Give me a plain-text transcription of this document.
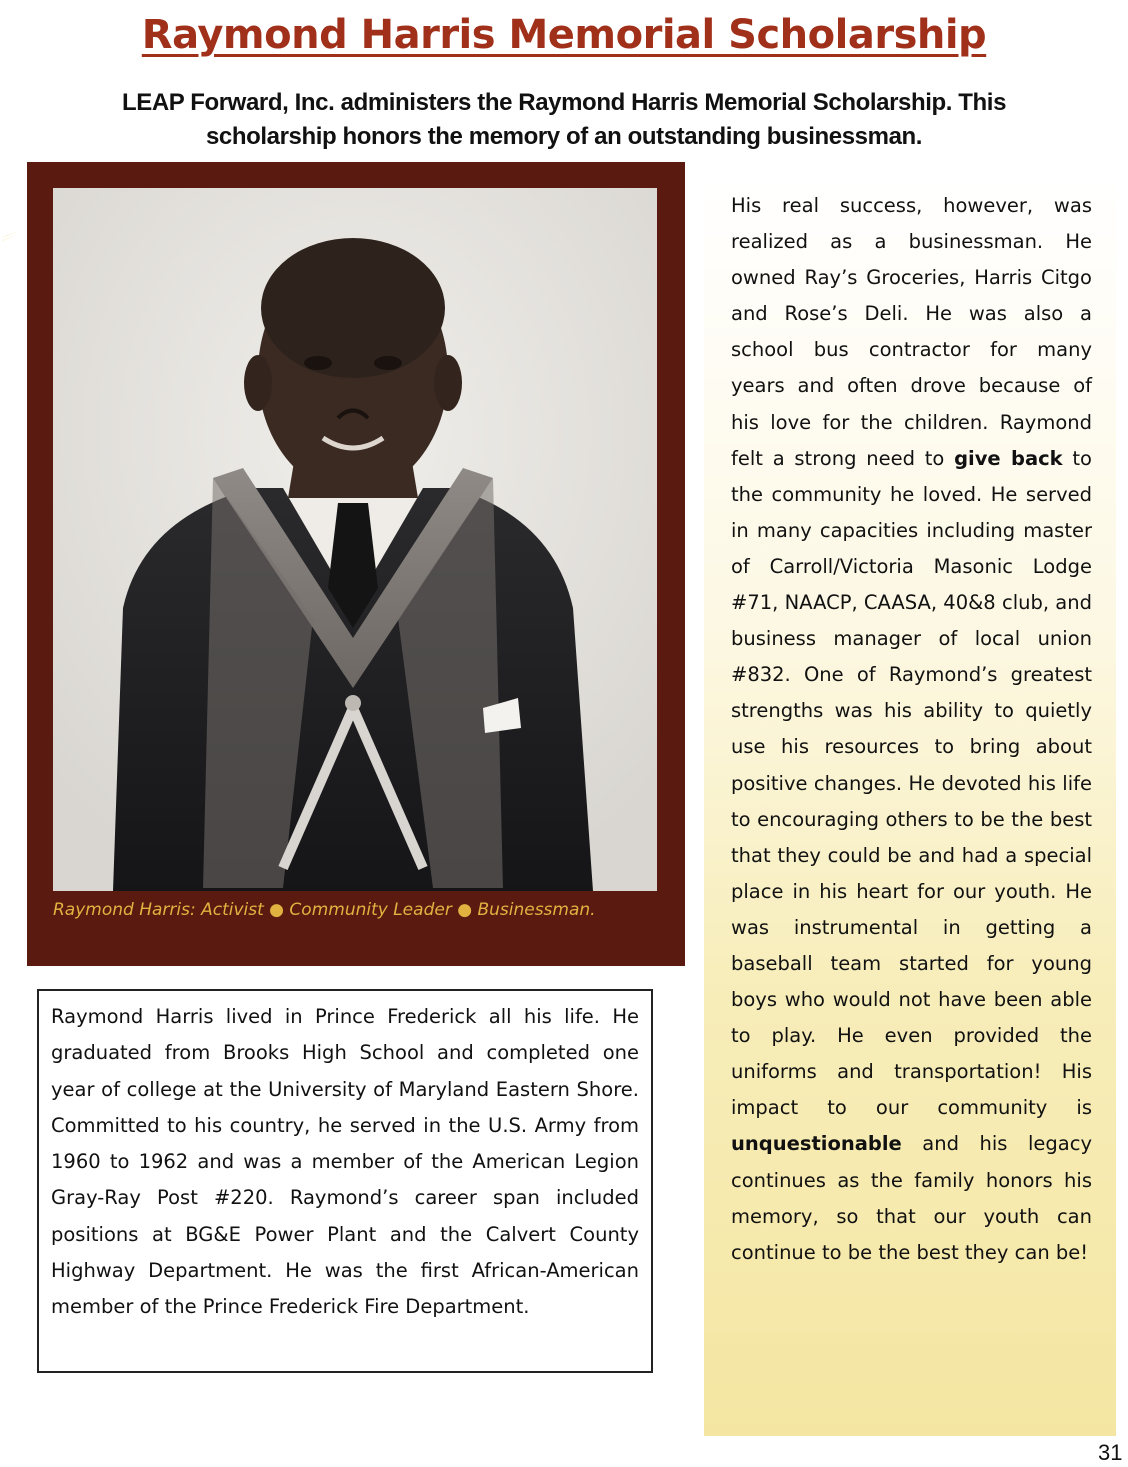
Raymond Harris Memorial Scholarship
LEAP Forward, Inc. administers the Raymond Harris Memorial Scholarship. This scholarship honors the memory of an outstanding businessman.
Raymond Harris: Activist ● Community Leader ● Businessman.

Raymond Harris lived in Prince Frederick all his life. He graduated from Brooks High School and completed one year of college at the University of Maryland Eastern Shore. Committed to his country, he served in the U.S. Army from 1960 to 1962 and was a member of the American Legion Gray-Ray Post #220. Raymond’s career span included positions at BG&E Power Plant and the Calvert County Highway Department. He was the first African-American member of the Prince Frederick Fire Department.

His real success, however, was realized as a businessman. He owned Ray’s Groceries, Harris Citgo and Rose’s Deli. He was also a school bus contractor for many years and often drove because of his love for the children. Raymond felt a strong need to give back to the community he loved. He served in many capacities including master of Carroll/Victoria Masonic Lodge #71, NAACP, CAASA, 40&8 club, and business manager of local union #832. One of Raymond’s greatest strengths was his ability to quietly use his resources to bring about positive changes. He devoted his life to encouraging others to be the best that they could be and had a special place in his heart for our youth. He was instrumental in getting a baseball team started for young boys who would not have been able to play. He even provided the uniforms and transportation! His impact to our community is unquestionable and his legacy continues as the family honors his memory, so that our youth can continue to be the best they can be!

31
